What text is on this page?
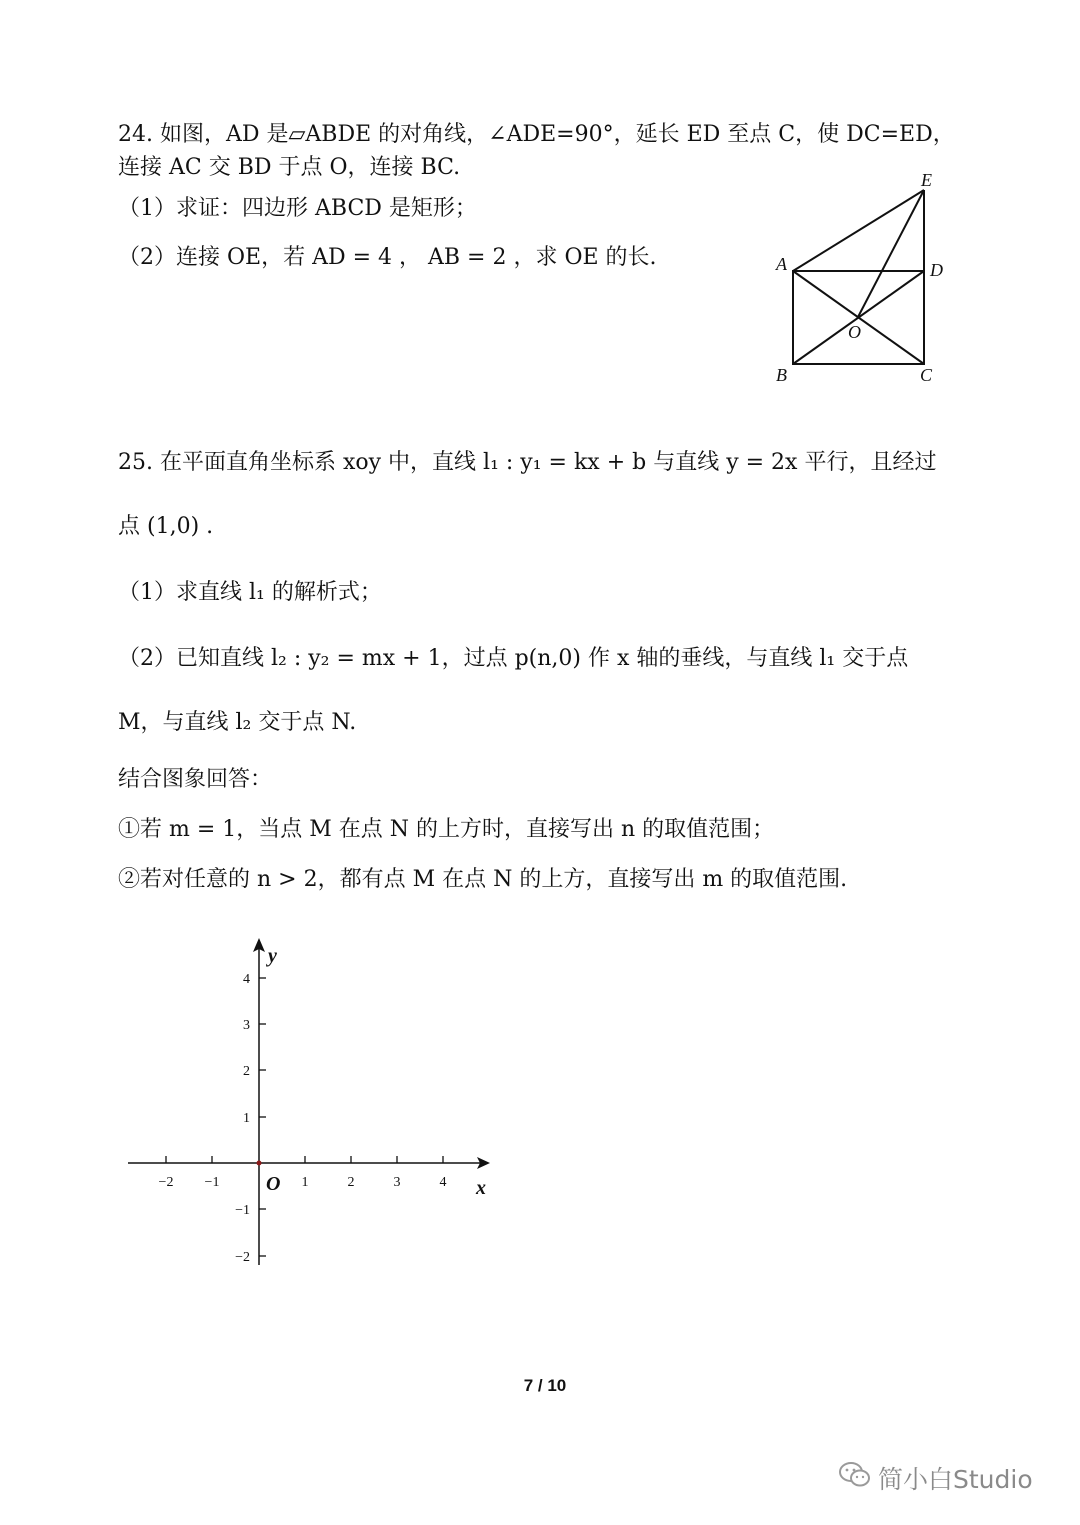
24. 如图，AD 是▱ABDE 的对角线，∠ADE=90°，延长 ED 至点 C，使 DC=ED，
连接 AC 交 BD 于点 O，连接 BC.
（1）求证：四边形 ABCD 是矩形；
（2）连接 OE，若 AD = 4 ， AB = 2 ，求 OE 的长.	A
B	C
D
E
O
25. 在平面直角坐标系 xoy 中，直线 l₁ : y₁ = kx + b 与直线 y = 2x 平行，且经过
点 (1,0) .
（1）求直线 l₁ 的解析式；
（2）已知直线 l₂ : y₂ = mx + 1，过点 p(n,0) 作 x 轴的垂线，与直线 l₁ 交于点
M，与直线 l₂ 交于点 N.
结合图象回答：
①若 m = 1，当点 M 在点 N 的上方时，直接写出 n 的取值范围；
②若对任意的 n > 2，都有点 M 在点 N 的上方，直接写出 m 的取值范围.
−2 −1	1	2	3	4
4
3
2
1
−1
−2
x
y
O
7 / 10
简小白Studio
